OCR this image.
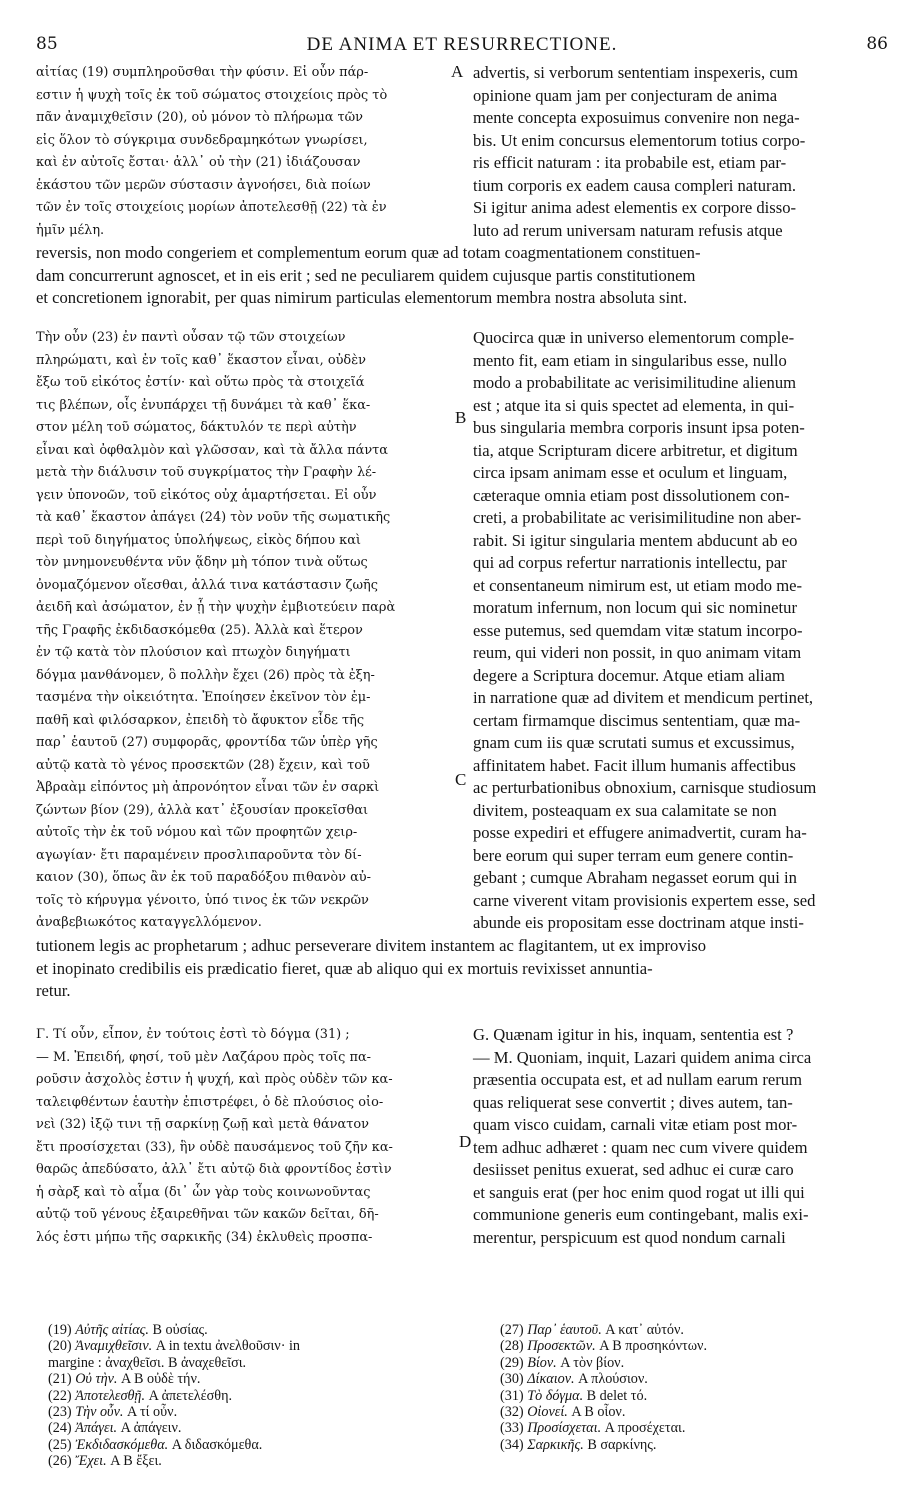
85	DE ANIMA ET RESURRECTIONE.	86

αἰτίας (19) συμπληροῦσθαι τὴν φύσιν. Εἰ οὖν πάρ-

εστιν ἡ ψυχὴ τοῖς ἐκ τοῦ σώματος στοιχείοις πρὸς τὸ

πᾶν ἀναμιχθεῖσιν (20), οὐ μόνον τὸ πλήρωμα τῶν

εἰς ὅλον τὸ σύγκριμα συνδεδραμηκότων γνωρίσει,

καὶ ἐν αὐτοῖς ἔσται· ἀλλ᾽ οὐ τὴν (21) ἰδιάζουσαν

ἑκάστου τῶν μερῶν σύστασιν ἀγνοήσει, διὰ ποίων

τῶν ἐν τοῖς στοιχείοις μορίων ἀποτελεσθῇ (22) τὰ ἐν

ἡμῖν μέλη.

advertis, si verborum sententiam inspexeris, cum

opinione quam jam per conjecturam de anima

mente concepta exposuimus convenire non nega-

bis. Ut enim concursus elementorum totius corpo-

ris efficit naturam : ita probabile est, etiam par-

tium corporis ex eadem causa compleri naturam.

Si igitur anima adest elementis ex corpore disso-

luto ad rerum universam naturam refusis atque

reversis, non modo congeriem et complementum eorum quæ ad totam coagmentationem constituen-

dam concurrerunt agnoscet, et in eis erit ; sed ne peculiarem quidem cujusque partis constitutionem

et concretionem ignorabit, per quas nimirum particulas elementorum membra nostra absoluta sint.

Τὴν οὖν (23) ἐν παντὶ οὖσαν τῷ τῶν στοιχείων

πληρώματι, καὶ ἐν τοῖς καθ᾽ ἕκαστον εἶναι, οὐδὲν

ἔξω τοῦ εἰκότος ἐστίν· καὶ οὕτω πρὸς τὰ στοιχεῖά

τις βλέπων, οἷς ἐνυπάρχει τῇ δυνάμει τὰ καθ᾽ ἕκα-

στον μέλη τοῦ σώματος, δάκτυλόν τε περὶ αὐτὴν

εἶναι καὶ ὀφθαλμὸν καὶ γλῶσσαν, καὶ τὰ ἄλλα πάντα

μετὰ τὴν διάλυσιν τοῦ συγκρίματος τὴν Γραφὴν λέ-

γειν ὑπονοῶν, τοῦ εἰκότος οὐχ ἁμαρτήσεται. Εἰ οὖν

τὰ καθ᾽ ἕκαστον ἀπάγει (24) τὸν νοῦν τῆς σωματικῆς

περὶ τοῦ διηγήματος ὑπολήψεως, εἰκὸς δήπου καὶ

τὸν μνημονευθέντα νῦν ᾅδην μὴ τόπον τινὰ οὕτως

ὀνομαζόμενον οἴεσθαι, ἀλλά τινα κατάστασιν ζωῆς

ἀειδῆ καὶ ἀσώματον, ἐν ᾗ τὴν ψυχὴν ἐμβιοτεύειν παρὰ

τῆς Γραφῆς ἐκδιδασκόμεθα (25). Ἀλλὰ καὶ ἕτερον

ἐν τῷ κατὰ τὸν πλούσιον καὶ πτωχὸν διηγήματι

δόγμα μανθάνομεν, ὃ πολλὴν ἔχει (26) πρὸς τὰ ἐξη-

τασμένα τὴν οἰκειότητα. Ἐποίησεν ἐκεῖνον τὸν ἐμ-

παθῆ καὶ φιλόσαρκον, ἐπειδὴ τὸ ἄφυκτον εἶδε τῆς

παρ᾽ ἑαυτοῦ (27) συμφορᾶς, φροντίδα τῶν ὑπὲρ γῆς

αὐτῷ κατὰ τὸ γένος προσεκτῶν (28) ἔχειν, καὶ τοῦ

Ἀβραὰμ εἰπόντος μὴ ἀπρονόητον εἶναι τῶν ἐν σαρκὶ

ζώντων βίον (29), ἀλλὰ κατ᾽ ἐξουσίαν προκεῖσθαι

αὐτοῖς τὴν ἐκ τοῦ νόμου καὶ τῶν προφητῶν χειρ-

αγωγίαν· ἔτι παραμένειν προσλιπαροῦντα τὸν δί-

καιον (30), ὅπως ἂν ἐκ τοῦ παραδόξου πιθανὸν αὐ-

τοῖς τὸ κήρυγμα γένοιτο, ὑπό τινος ἐκ τῶν νεκρῶν

ἀναβεβιωκότος καταγγελλόμενον.

Quocirca quæ in universo elementorum comple-

mento fit, eam etiam in singularibus esse, nullo

modo a probabilitate ac verisimilitudine alienum

est ; atque ita si quis spectet ad elementa, in qui-

bus singularia membra corporis insunt ipsa poten-

tia, atque Scripturam dicere arbitretur, et digitum

circa ipsam animam esse et oculum et linguam,

cæteraque omnia etiam post dissolutionem con-

creti, a probabilitate ac verisimilitudine non aber-

rabit. Si igitur singularia mentem abducunt ab eo

qui ad corpus refertur narrationis intellectu, par

et consentaneum nimirum est, ut etiam modo me-

moratum infernum, non locum qui sic nominetur

esse putemus, sed quemdam vitæ statum incorpo-

reum, qui videri non possit, in quo animam vitam

degere a Scriptura docemur. Atque etiam aliam

in narratione quæ ad divitem et mendicum pertinet,

certam firmamque discimus sententiam, quæ ma-

gnam cum iis quæ scrutati sumus et excussimus,

affinitatem habet. Facit illum humanis affectibus

ac perturbationibus obnoxium, carnisque studiosum

divitem, posteaquam ex sua calamitate se non

posse expediri et effugere animadvertit, curam ha-

bere eorum qui super terram eum genere contin-

gebant ; cumque Abraham negasset eorum qui in

carne viverent vitam provisionis expertem esse, sed

abunde eis propositam esse doctrinam atque insti-

tutionem legis ac prophetarum ; adhuc perseverare divitem instantem ac flagitantem, ut ex improviso

et inopinato credibilis eis prædicatio fieret, quæ ab aliquo qui ex mortuis revixisset annuntia-

retur.

Γ. Τί οὖν, εἶπον, ἐν τούτοις ἐστὶ τὸ δόγμα (31) ;

— Μ. Ἐπειδή, φησί, τοῦ μὲν Λαζάρου πρὸς τοῖς πα-

ροῦσιν ἀσχολὸς ἐστιν ἡ ψυχή, καὶ πρὸς οὐδὲν τῶν κα-

ταλειφθέντων ἑαυτὴν ἐπιστρέφει, ὁ δὲ πλούσιος οἰο-

νεὶ (32) ἰξῷ τινι τῇ σαρκίνῃ ζωῇ καὶ μετὰ θάνατον

ἔτι προσίσχεται (33), ἣν οὐδὲ παυσάμενος τοῦ ζῆν κα-

θαρῶς ἀπεδύσατο, ἀλλ᾽ ἔτι αὐτῷ διὰ φροντίδος ἐστὶν

ἡ σὰρξ καὶ τὸ αἷμα (δι᾽ ὧν γὰρ τοὺς κοινωνοῦντας

αὐτῷ τοῦ γένους ἐξαιρεθῆναι τῶν κακῶν δεῖται, δῆ-

λός ἐστι μήπω τῆς σαρκικῆς (34) ἐκλυθεὶς προσπα-

G. Quænam igitur in his, inquam, sententia est ?

— M. Quoniam, inquit, Lazari quidem anima circa

præsentia occupata est, et ad nullam earum rerum

quas reliquerat sese convertit ; dives autem, tan-

quam visco cuidam, carnali vitæ etiam post mor-

tem adhuc adhæret : quam nec cum vivere quidem

desiisset penitus exuerat, sed adhuc ei curæ caro

et sanguis erat (per hoc enim quod rogat ut illi qui

communione generis eum contingebant, malis exi-

merentur, perspicuum est quod nondum carnali

A
B
C
D

(19) Αὐτῆς αἰτίας. B οὐσίας.

(20) Ἀναμιχθεῖσιν. A in textu ἀνελθοῦσιν· in

margine : ἀναχθεῖσι. B ἀναχεθεῖσι.

(21) Οὐ τὴν. A B οὐδὲ τήν.

(22) Ἀποτελεσθῇ. A ἀπετελέσθη.

(23) Τὴν οὖν. A τί οὖν.

(24) Ἀπάγει. A ἀπάγειν.

(25) Ἐκδιδασκόμεθα. A διδασκόμεθα.

(26) Ἔχει. A B ἔξει.

(27) Παρ᾽ ἑαυτοῦ. A κατ᾽ αὐτόν.

(28) Προσεκτῶν. A B προσηκόντων.

(29) Βίον. A τὸν βίον.

(30) Δίκαιον. A πλούσιον.

(31) Τὸ δόγμα. B delet τό.

(32) Οἰονεί. A B οἷον.

(33) Προσίσχεται. A προσέχεται.

(34) Σαρκικῆς. B σαρκίνης.
